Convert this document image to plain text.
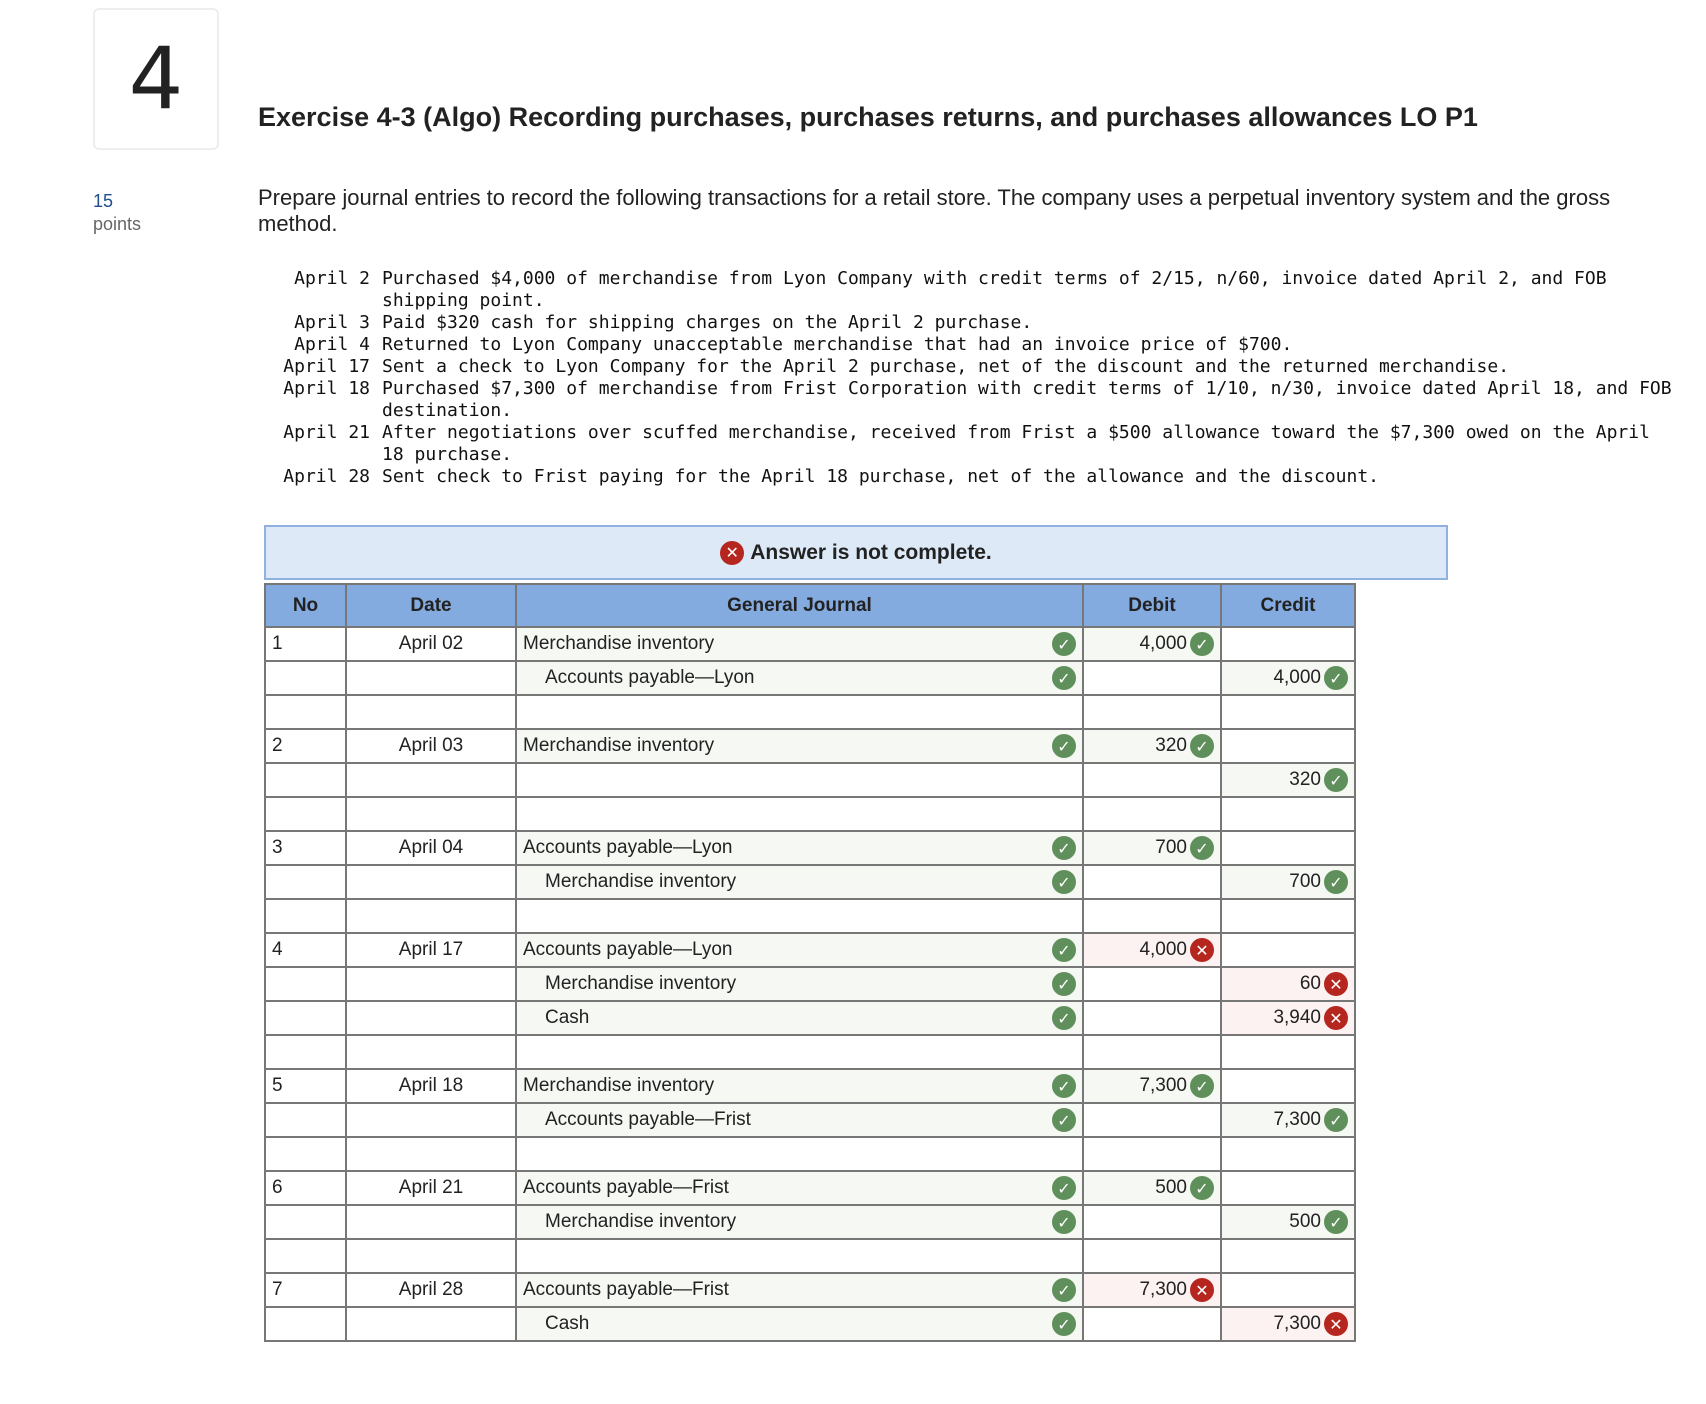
4	Exercise 4-3 (Algo) Recording purchases, purchases returns, and purchases allowances LO P1
15
points
Prepare journal entries to record the following transactions for a retail store. The company uses a perpetual inventory system and the gross method.
April 2 Purchased $4,000 of merchandise from Lyon Company with credit terms of 2/15, n/60, invoice dated April 2, and FOB shipping point.
April 3 Paid $320 cash for shipping charges on the April 2 purchase.
April 4 Returned to Lyon Company unacceptable merchandise that had an invoice price of $700.
April 17 Sent a check to Lyon Company for the April 2 purchase, net of the discount and the returned merchandise.
April 18 Purchased $7,300 of merchandise from Frist Corporation with credit terms of 1/10, n/30, invoice dated April 18, and FOB destination.
April 21 After negotiations over scuffed merchandise, received from Frist a $500 allowance toward the $7,300 owed on the April 18 purchase.
April 28 Sent check to Frist paying for the April 18 purchase, net of the allowance and the discount.
✕ Answer is not complete.
No	Date	General Journal	Debit	Credit
1	April 02	Merchandise inventory ✓	4,000 ✓	

		Accounts payable—Lyon ✓		4,000 ✓

2	April 03	Merchandise inventory ✓	320 ✓	

				320 ✓

3	April 04	Accounts payable—Lyon ✓	700 ✓	

		Merchandise inventory ✓		700 ✓

4	April 17	Accounts payable—Lyon ✓	4,000 ✕	

		Merchandise inventory ✓		60 ✕

		Cash ✓		3,940 ✕

5	April 18	Merchandise inventory ✓	7,300 ✓	

		Accounts payable—Frist ✓		7,300 ✓

6	April 21	Accounts payable—Frist ✓	500 ✓	

		Merchandise inventory ✓		500 ✓

7	April 28	Accounts payable—Frist ✓	7,300 ✕	

		Cash ✓		7,300 ✕
